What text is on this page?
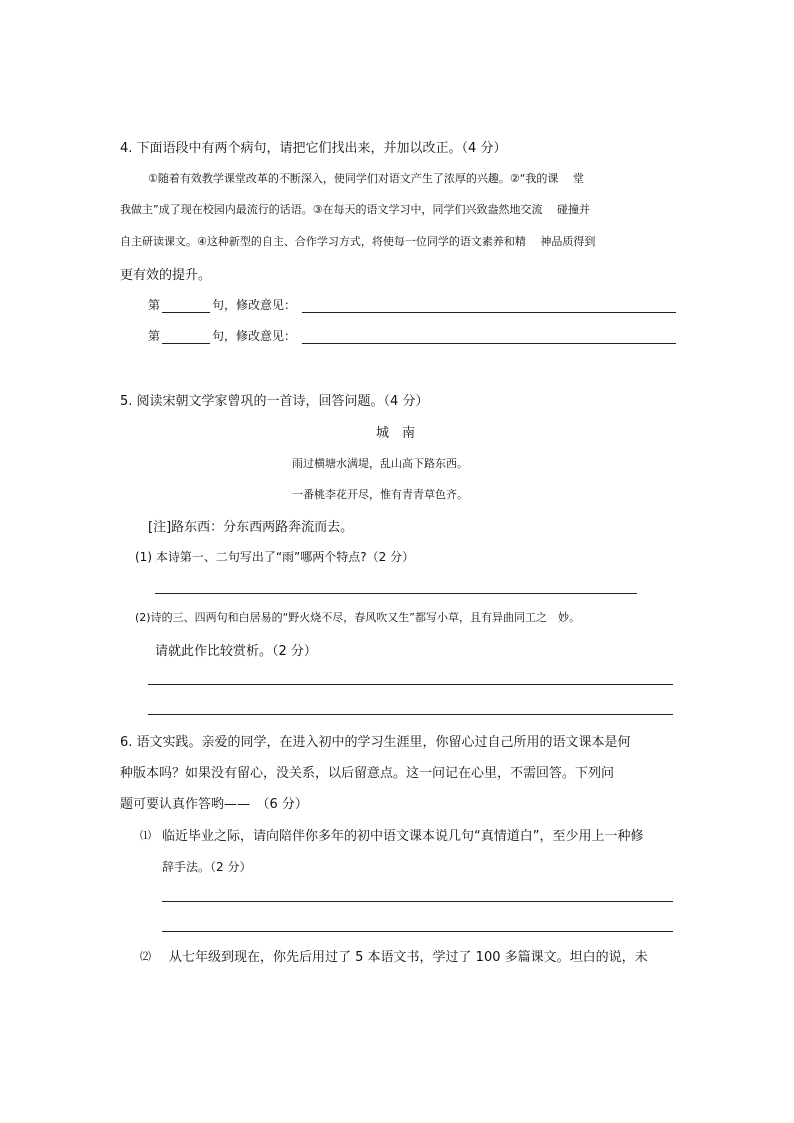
4. 下面语段中有两个病句，请把它们找出来，并加以改正。（4 分）
①随着有效教学课堂改革的不断深入，使同学们对语文产生了浓厚的兴趣。②“我的课　 堂
我做主”成了现在校园内最流行的话语。③在每天的语文学习中，同学们兴致盎然地交流　 碰撞并
自主研读课文。④这种新型的自主、合作学习方式，将使每一位同学的语文素养和精　 神品质得到
更有效的提升。
第	句，修改意见：
第	句，修改意见：
5. 阅读宋朝文学家曾巩的一首诗，回答问题。（4 分）
城　南
雨过横塘水满堤，乱山高下路东西。
一番桃李花开尽，惟有青青草色齐。
[注]路东西：分东西两路奔流而去。
(1) 本诗第一、二句写出了“雨”哪两个特点?（2 分）
(2)诗的三、四两句和白居易的“野火烧不尽，春风吹又生”都写小草，且有异曲同工之　妙。
请就此作比较赏析。（2 分）
6. 语文实践。亲爱的同学，在进入初中的学习生涯里，你留心过自己所用的语文课本是何
种版本吗？如果没有留心，没关系，以后留意点。这一问记在心里，不需回答。下列问
题可要认真作答哟——　（6 分）
⑴ 临近毕业之际，请向陪伴你多年的初中语文课本说几句“真情道白”，至少用上一种修
辞手法。（2 分）
⑵ 从七年级到现在，你先后用过了 5 本语文书，学过了 100 多篇课文。坦白的说，未
